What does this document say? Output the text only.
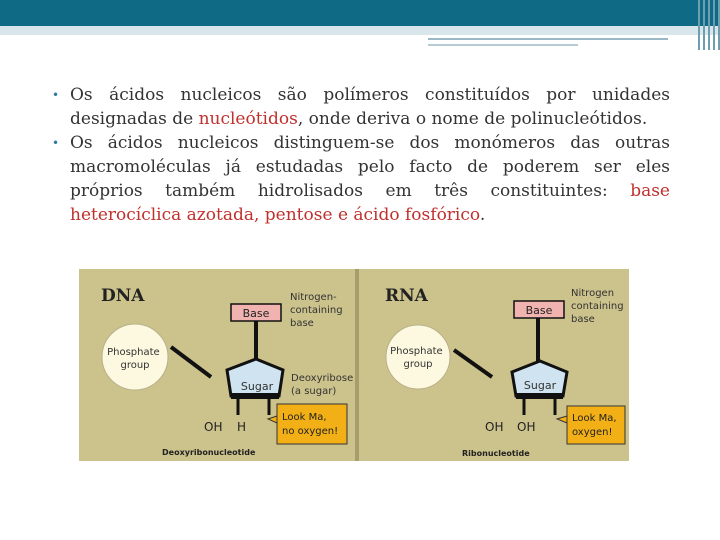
• Os ácidos nucleicos são polímeros constituídos por unidades designadas de nucleótidos, onde deriva o nome de polinucleótidos.

• Os ácidos nucleicos distinguem-se dos monómeros das outras macromoléculas já estudadas pelo facto de poderem ser eles próprios também hidrolisados em três constituintes: base heterocíclica azotada, pentose e ácido fosfórico.

DNA
Sugar
OH H
Base
Nitrogen- containing base
Phosphate group
Deoxyribose (a sugar)
Look Ma, no oxygen!
Deoxyribonucleotide
RNA
Sugar
OH OH
Base
Nitrogen containing base
Phosphate group
Look Ma, oxygen!
Ribonucleotide
